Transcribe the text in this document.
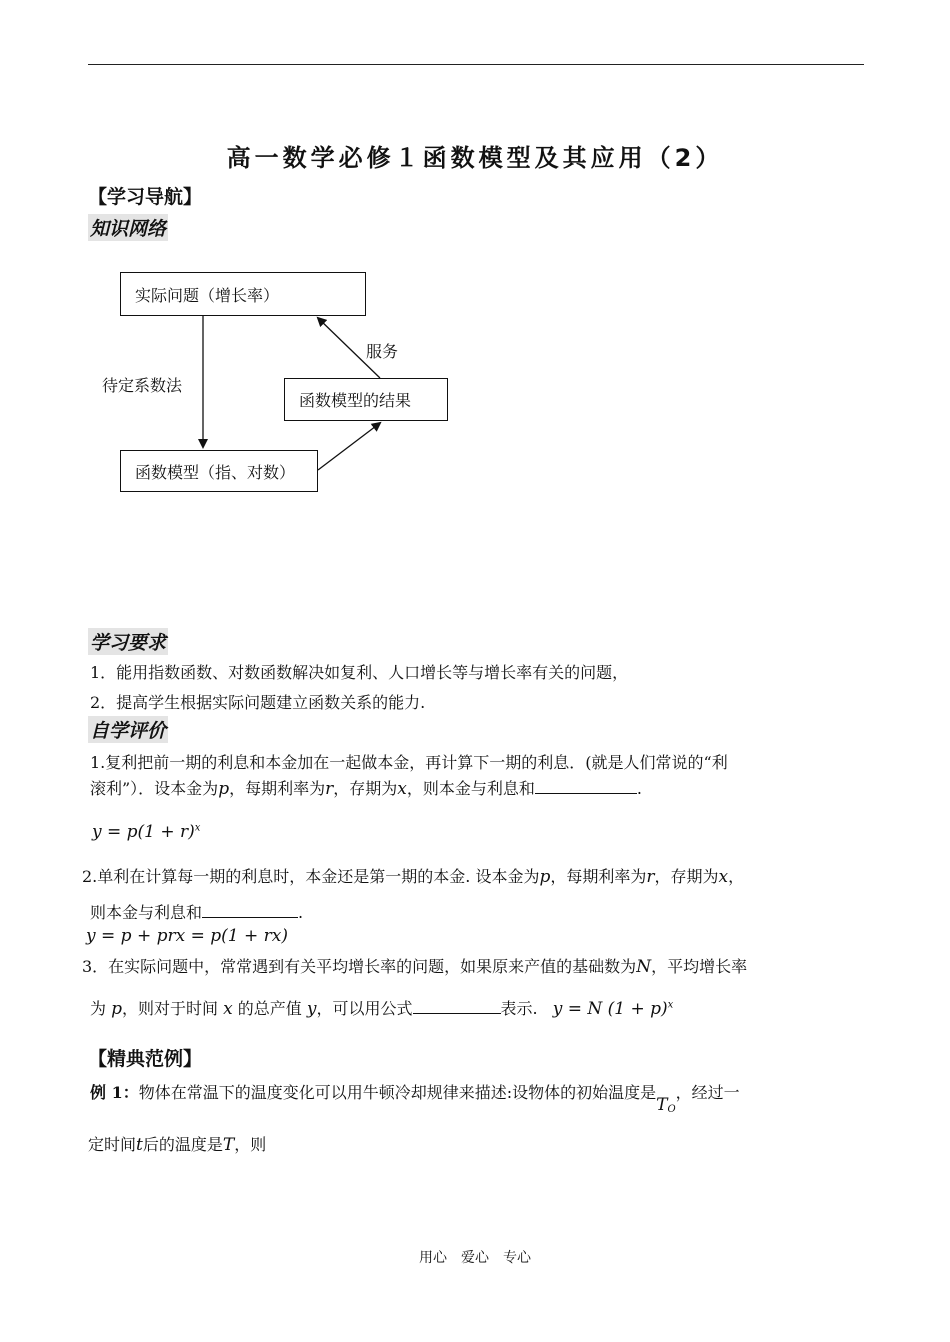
高一数学必修１函数模型及其应用（2）
【学习导航】
知识网络
实际问题（增长率）
函数模型的结果
函数模型（指、对数）
待定系数法
服务
学习要求
1．能用指数函数、对数函数解决如复利、人口增长等与增长率有关的问题，
2．提高学生根据实际问题建立函数关系的能力.
自学评价
1.复利把前一期的利息和本金加在一起做本金，再计算下一期的利息．(就是人们常说的“利
滚利”）．设本金为p，每期利率为r，存期为x，则本金与利息和	.
$y = p(1 + r)^x$
2.单利在计算每一期的利息时，本金还是第一期的本金. 设本金为p，每期利率为r，存期为x，
则本金与利息和	.
y = p + prx = p(1 + rx)
3．在实际问题中，常常遇到有关平均增长率的问题，如果原来产值的基础数为N，平均增长率
为 p，则对于时间 x 的总产值 y，可以用公式	表示. y = N $(1 + p)^x$
【精典范例】
例 1：物体在常温下的温度变化可以用牛顿冷却规律来描述:设物体的初始温度是$T_O$，经过一
定时间t后的温度是T，则
用心　爱心　专心
